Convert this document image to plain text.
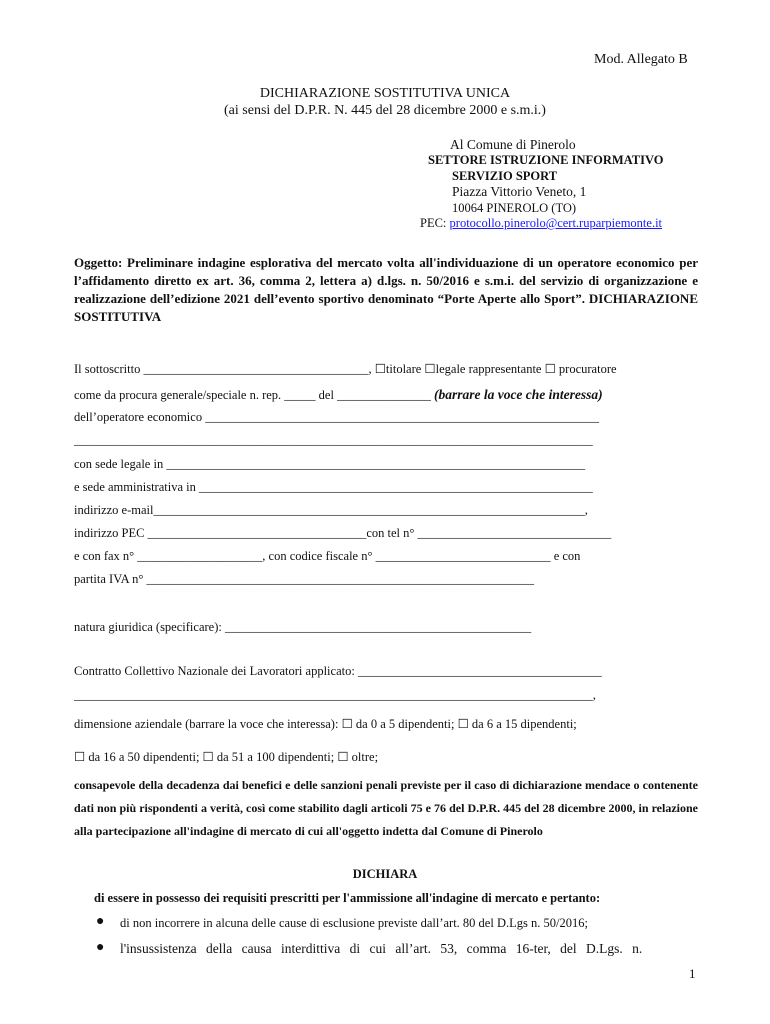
Mod. Allegato B
DICHIARAZIONE SOSTITUTIVA UNICA
(ai sensi del D.P.R. N. 445 del 28 dicembre 2000 e s.m.i.)
Al Comune di Pinerolo
SETTORE ISTRUZIONE INFORMATIVO
SERVIZIO SPORT
Piazza Vittorio Veneto, 1
10064 PINEROLO (TO)
PEC: protocollo.pinerolo@cert.ruparpiemonte.it
Oggetto: Preliminare indagine esplorativa del mercato volta all'individuazione di un operatore economico per l’affidamento diretto ex art. 36, comma 2, lettera a) d.lgs. n. 50/2016 e s.m.i. del servizio di organizzazione e realizzazione dell’edizione 2021 dell’evento sportivo denominato “Porte Aperte allo Sport”. DICHIARAZIONE SOSTITUTIVA
Il sottoscritto ____________________________________, ☐titolare ☐legale rappresentante ☐ procuratore
come da procura generale/speciale n. rep. _____ del _______________ (barrare la voce che interessa)
dell’operatore economico _______________________________________________________________
___________________________________________________________________________________
con sede legale in ___________________________________________________________________
e sede amministrativa in _______________________________________________________________
indirizzo e-mail_____________________________________________________________________,
indirizzo PEC ___________________________________con tel n° _______________________________
e con fax n° ____________________, con codice fiscale n° ____________________________ e con
partita IVA n° ______________________________________________________________
natura giuridica (specificare): _________________________________________________
Contratto Collettivo Nazionale dei Lavoratori applicato: _______________________________________
___________________________________________________________________________________,
dimensione aziendale (barrare la voce che interessa): ☐ da 0 a 5 dipendenti; ☐ da 6 a 15 dipendenti;
☐ da 16 a 50 dipendenti; ☐ da 51 a 100 dipendenti; ☐ oltre;
consapevole della decadenza dai benefici e delle sanzioni penali previste per il caso di dichiarazione mendace o contenente dati non più rispondenti a verità, così come stabilito dagli articoli 75 e 76 del D.P.R. 445 del 28 dicembre 2000, in relazione alla partecipazione all'indagine di mercato di cui all'oggetto indetta dal Comune di Pinerolo
DICHIARA
di essere in possesso dei requisiti prescritti per l'ammissione all'indagine di mercato e pertanto:
● di non incorrere in alcuna delle cause di esclusione previste dall’art. 80 del D.Lgs n. 50/2016;
● l'insussistenza della causa interdittiva di cui all’art. 53, comma 16-ter, del D.Lgs. n.
1
